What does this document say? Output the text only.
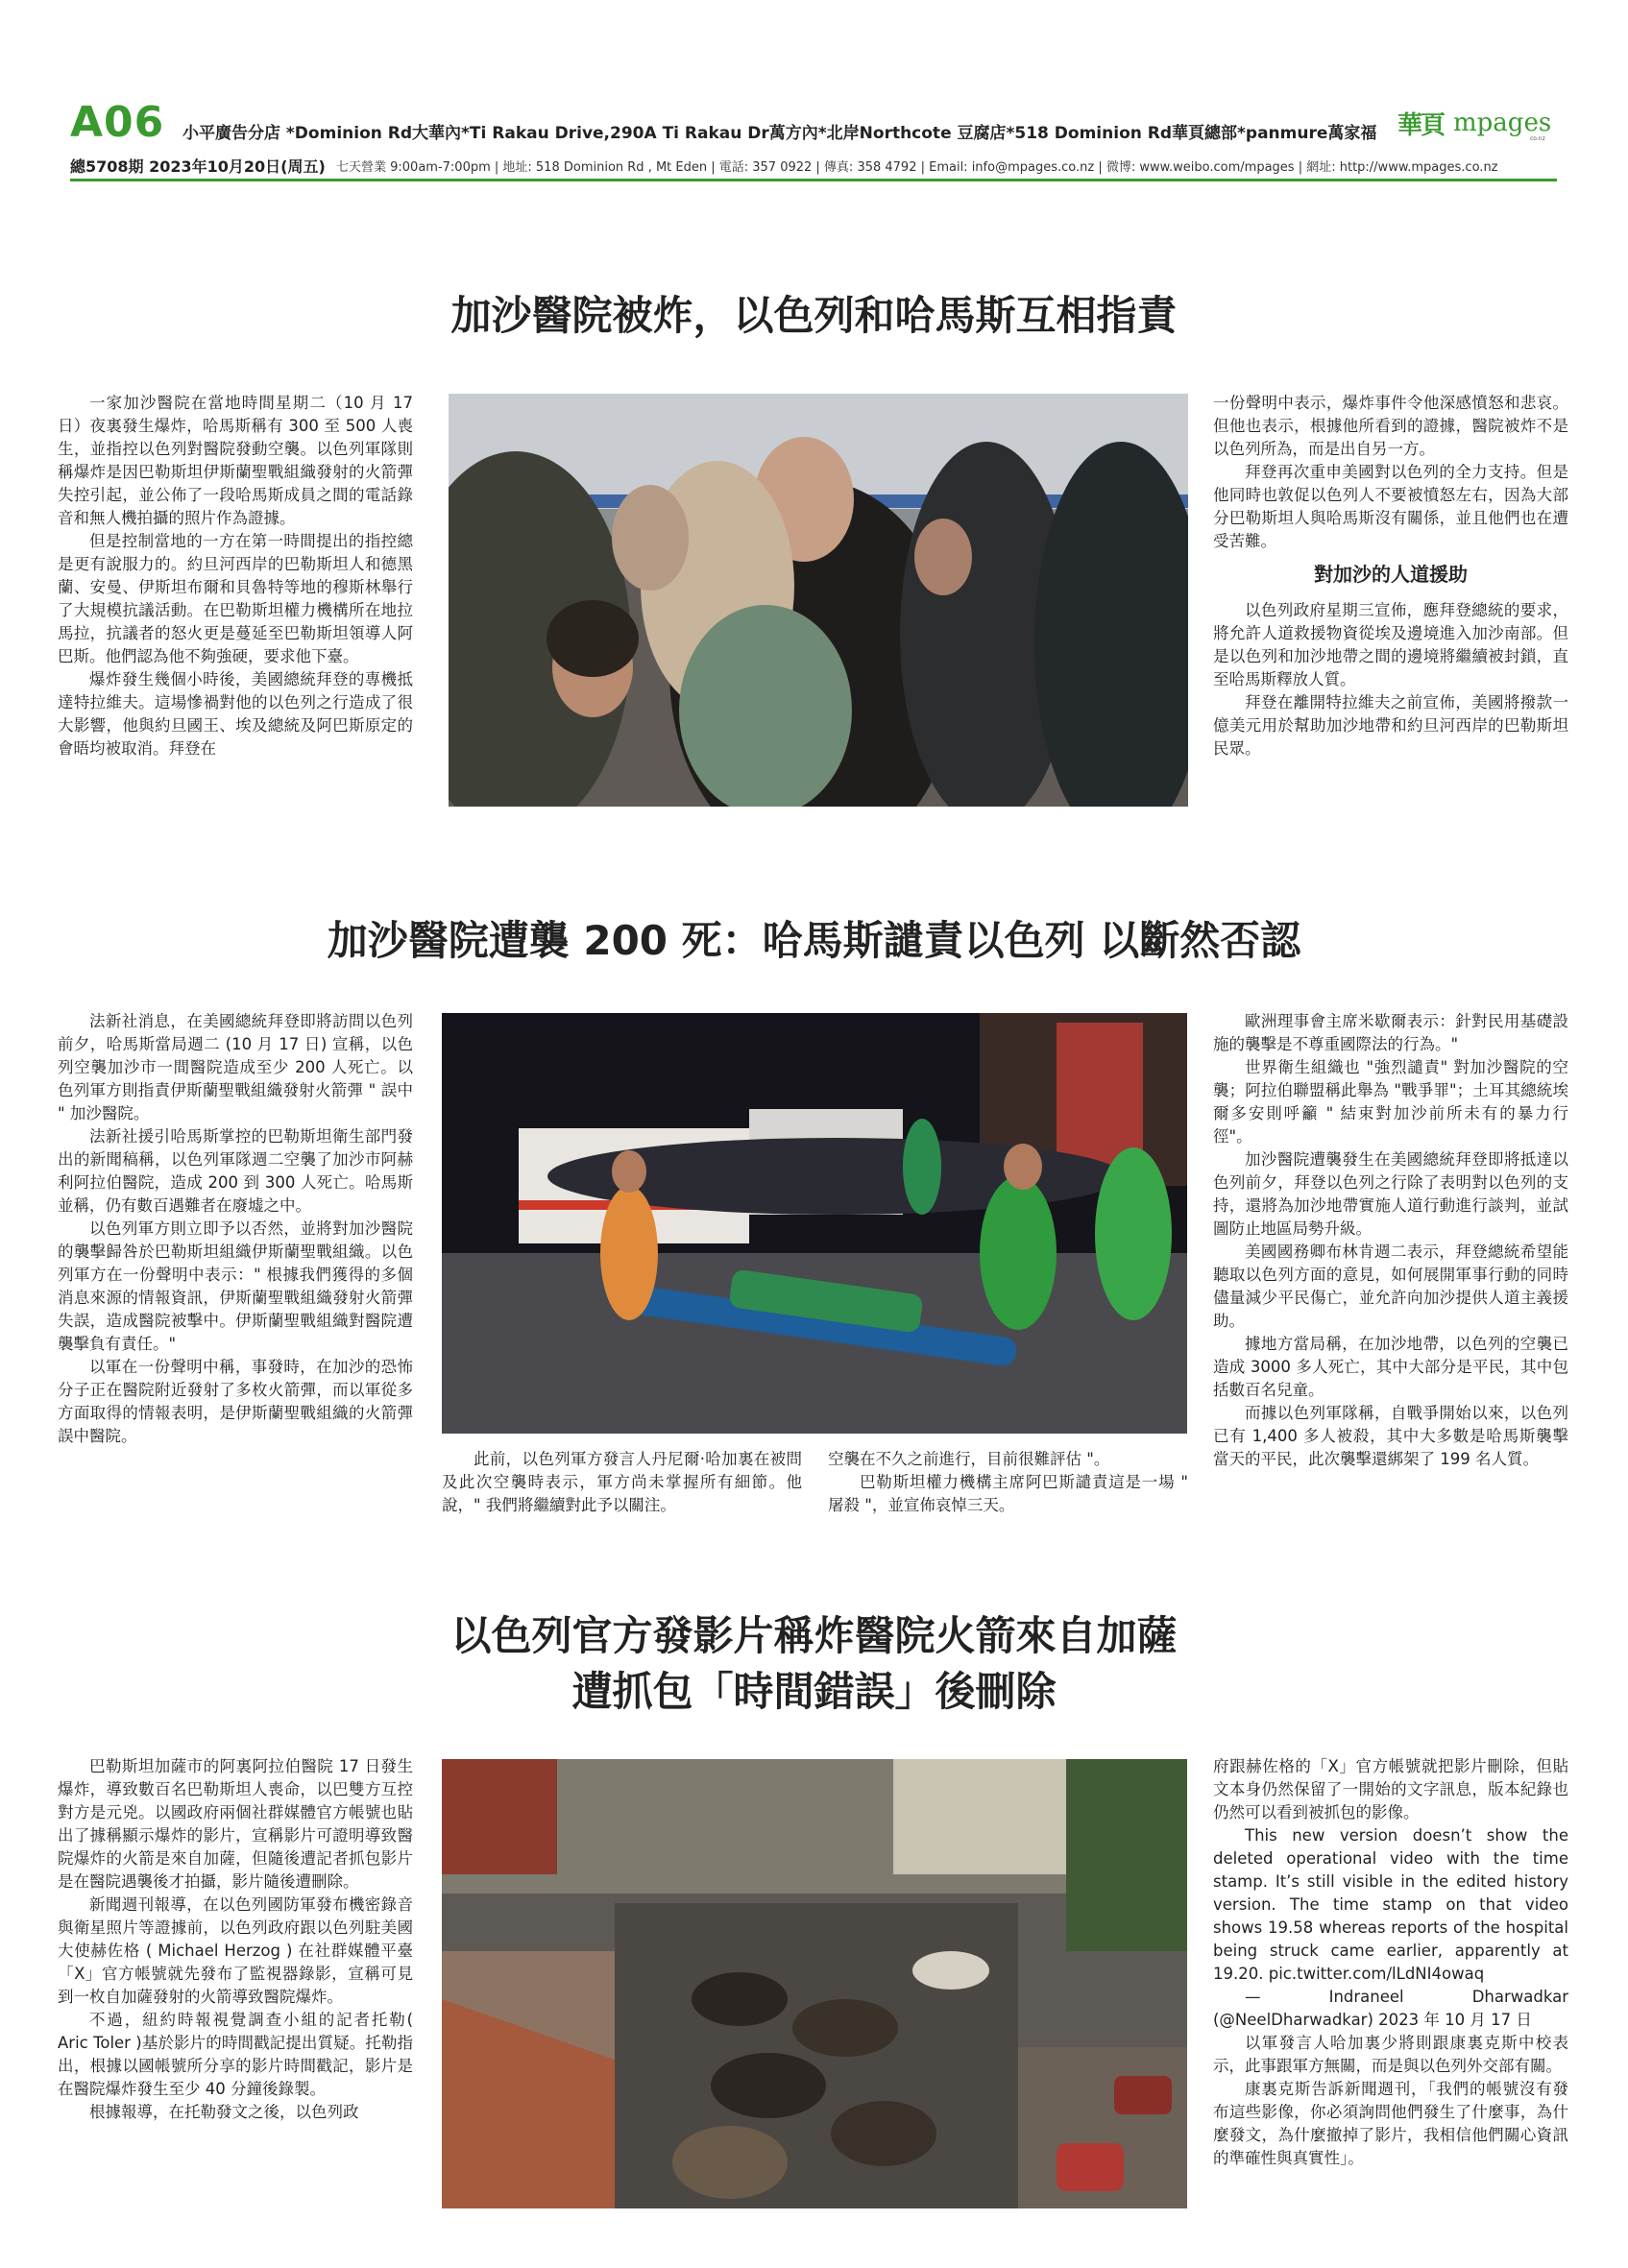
A06 小平廣告分店 *Dominion Rd大華內*Ti Rakau Drive,290A Ti Rakau Dr萬方內*北岸Northcote 豆腐店*518 Dominion Rd華頁總部*panmure萬家福
總5708期 2023年10月20日(周五) 七天營業 9:00am-7:00pm | 地址: 518 Dominion Rd , Mt Eden | 電話: 357 0922 | 傳真: 358 4792 | Email: info@mpages.co.nz | 微博: www.weibo.com/mpages | 網址: http://www.mpages.co.nz
華頁 mpages
co.nz
加沙醫院被炸，以色列和哈馬斯互相指責

一家加沙醫院在當地時間星期二（10 月 17 日）夜裏發生爆炸，哈馬斯稱有 300 至 500 人喪生，並指控以色列對醫院發動空襲。以色列軍隊則稱爆炸是因巴勒斯坦伊斯蘭聖戰組織發射的火箭彈失控引起，並公佈了一段哈馬斯成員之間的電話錄音和無人機拍攝的照片作為證據。

但是控制當地的一方在第一時間提出的指控總是更有說服力的。約旦河西岸的巴勒斯坦人和德黑蘭、安曼、伊斯坦布爾和貝魯特等地的穆斯林舉行了大規模抗議活動。在巴勒斯坦權力機構所在地拉馬拉，抗議者的怒火更是蔓延至巴勒斯坦領導人阿巴斯。他們認為他不夠強硬，要求他下臺。

爆炸發生幾個小時後，美國總統拜登的專機抵達特拉維夫。這場慘禍對他的以色列之行造成了很大影響，他與約旦國王、埃及總統及阿巴斯原定的會晤均被取消。拜登在

一份聲明中表示，爆炸事件令他深感憤怒和悲哀。但他也表示，根據他所看到的證據，醫院被炸不是以色列所為，而是出自另一方。

拜登再次重申美國對以色列的全力支持。但是他同時也敦促以色列人不要被憤怒左右，因為大部分巴勒斯坦人與哈馬斯沒有關係，並且他們也在遭受苦難。

對加沙的人道援助

以色列政府星期三宣佈，應拜登總統的要求，將允許人道救援物資從埃及邊境進入加沙南部。但是以色列和加沙地帶之間的邊境將繼續被封鎖，直至哈馬斯釋放人質。

拜登在離開特拉維夫之前宣佈，美國將撥款一億美元用於幫助加沙地帶和約旦河西岸的巴勒斯坦民眾。

加沙醫院遭襲 200 死：哈馬斯譴責以色列 以斷然否認

法新社消息，在美國總統拜登即將訪問以色列前夕，哈馬斯當局週二 (10 月 17 日) 宣稱，以色列空襲加沙市一間醫院造成至少 200 人死亡。以色列軍方則指責伊斯蘭聖戰組織發射火箭彈 " 誤中 " 加沙醫院。

法新社援引哈馬斯掌控的巴勒斯坦衛生部門發出的新聞稿稱，以色列軍隊週二空襲了加沙市阿赫利阿拉伯醫院，造成 200 到 300 人死亡。哈馬斯並稱，仍有數百遇難者在廢墟之中。

以色列軍方則立即予以否然，並將對加沙醫院的襲擊歸咎於巴勒斯坦組織伊斯蘭聖戰組織。以色列軍方在一份聲明中表示：" 根據我們獲得的多個消息來源的情報資訊，伊斯蘭聖戰組織發射火箭彈失誤，造成醫院被擊中。伊斯蘭聖戰組織對醫院遭襲擊負有責任。"

以軍在一份聲明中稱，事發時，在加沙的恐怖分子正在醫院附近發射了多枚火箭彈，而以軍從多方面取得的情報表明，是伊斯蘭聖戰組織的火箭彈誤中醫院。

此前，以色列軍方發言人丹尼爾·哈加裏在被問及此次空襲時表示，軍方尚未掌握所有細節。他說，" 我們將繼續對此予以關注。

空襲在不久之前進行，目前很難評估 "。

巴勒斯坦權力機構主席阿巴斯譴責這是一場 " 屠殺 "，並宣佈哀悼三天。

歐洲理事會主席米歇爾表示：針對民用基礎設施的襲擊是不尊重國際法的行為。"

世界衛生組織也 "強烈譴責" 對加沙醫院的空襲；阿拉伯聯盟稱此舉為 "戰爭罪"；土耳其總統埃爾多安則呼籲 " 結束對加沙前所未有的暴力行徑"。

加沙醫院遭襲發生在美國總統拜登即將抵達以色列前夕，拜登以色列之行除了表明對以色列的支持，還將為加沙地帶實施人道行動進行談判，並試圖防止地區局勢升級。

美國國務卿布林肯週二表示，拜登總統希望能聽取以色列方面的意見，如何展開軍事行動的同時儘量減少平民傷亡，並允許向加沙提供人道主義援助。

據地方當局稱，在加沙地帶，以色列的空襲已造成 3000 多人死亡，其中大部分是平民，其中包括數百名兒童。

而據以色列軍隊稱，自戰爭開始以來，以色列已有 1,400 多人被殺，其中大多數是哈馬斯襲擊當天的平民，此次襲擊還綁架了 199 名人質。

以色列官方發影片稱炸醫院火箭來自加薩
遭抓包「時間錯誤」後刪除

巴勒斯坦加薩市的阿裏阿拉伯醫院 17 日發生爆炸，導致數百名巴勒斯坦人喪命，以巴雙方互控對方是元兇。以國政府兩個社群媒體官方帳號也貼出了據稱顯示爆炸的影片，宣稱影片可證明導致醫院爆炸的火箭是來自加薩，但隨後遭記者抓包影片是在醫院遇襲後才拍攝，影片隨後遭刪除。

新聞週刊報導，在以色列國防軍發布機密錄音與衛星照片等證據前，以色列政府跟以色列駐美國大使赫佐格 ( Michael Herzog ) 在社群媒體平臺「X」官方帳號就先發布了監視器錄影，宣稱可見到一枚自加薩發射的火箭導致醫院爆炸。

不過，紐約時報視覺調查小組的記者托勒( Aric Toler )基於影片的時間戳記提出質疑。托勒指出，根據以國帳號所分享的影片時間戳記，影片是在醫院爆炸發生至少 40 分鐘後錄製。

根據報導，在托勒發文之後，以色列政

府跟赫佐格的「X」官方帳號就把影片刪除，但貼文本身仍然保留了一開始的文字訊息，版本紀錄也仍然可以看到被抓包的影像。

This new version doesn’t show the deleted operational video with the time stamp. It’s still visible in the edited history version. The time stamp on that video shows 19.58 whereas reports of the hospital being struck came earlier, apparently at 19.20. pic.twitter.com/lLdNI4owaq

— Indraneel Dharwadkar (@NeelDharwadkar) 2023 年 10 月 17 日

以軍發言人哈加裏少將則跟康裏克斯中校表示，此事跟軍方無關，而是與以色列外交部有關。

康裏克斯告訴新聞週刊，「我們的帳號沒有發布這些影像，你必須詢問他們發生了什麼事，為什麼發文，為什麼撤掉了影片，我相信他們關心資訊的準確性與真實性」。
